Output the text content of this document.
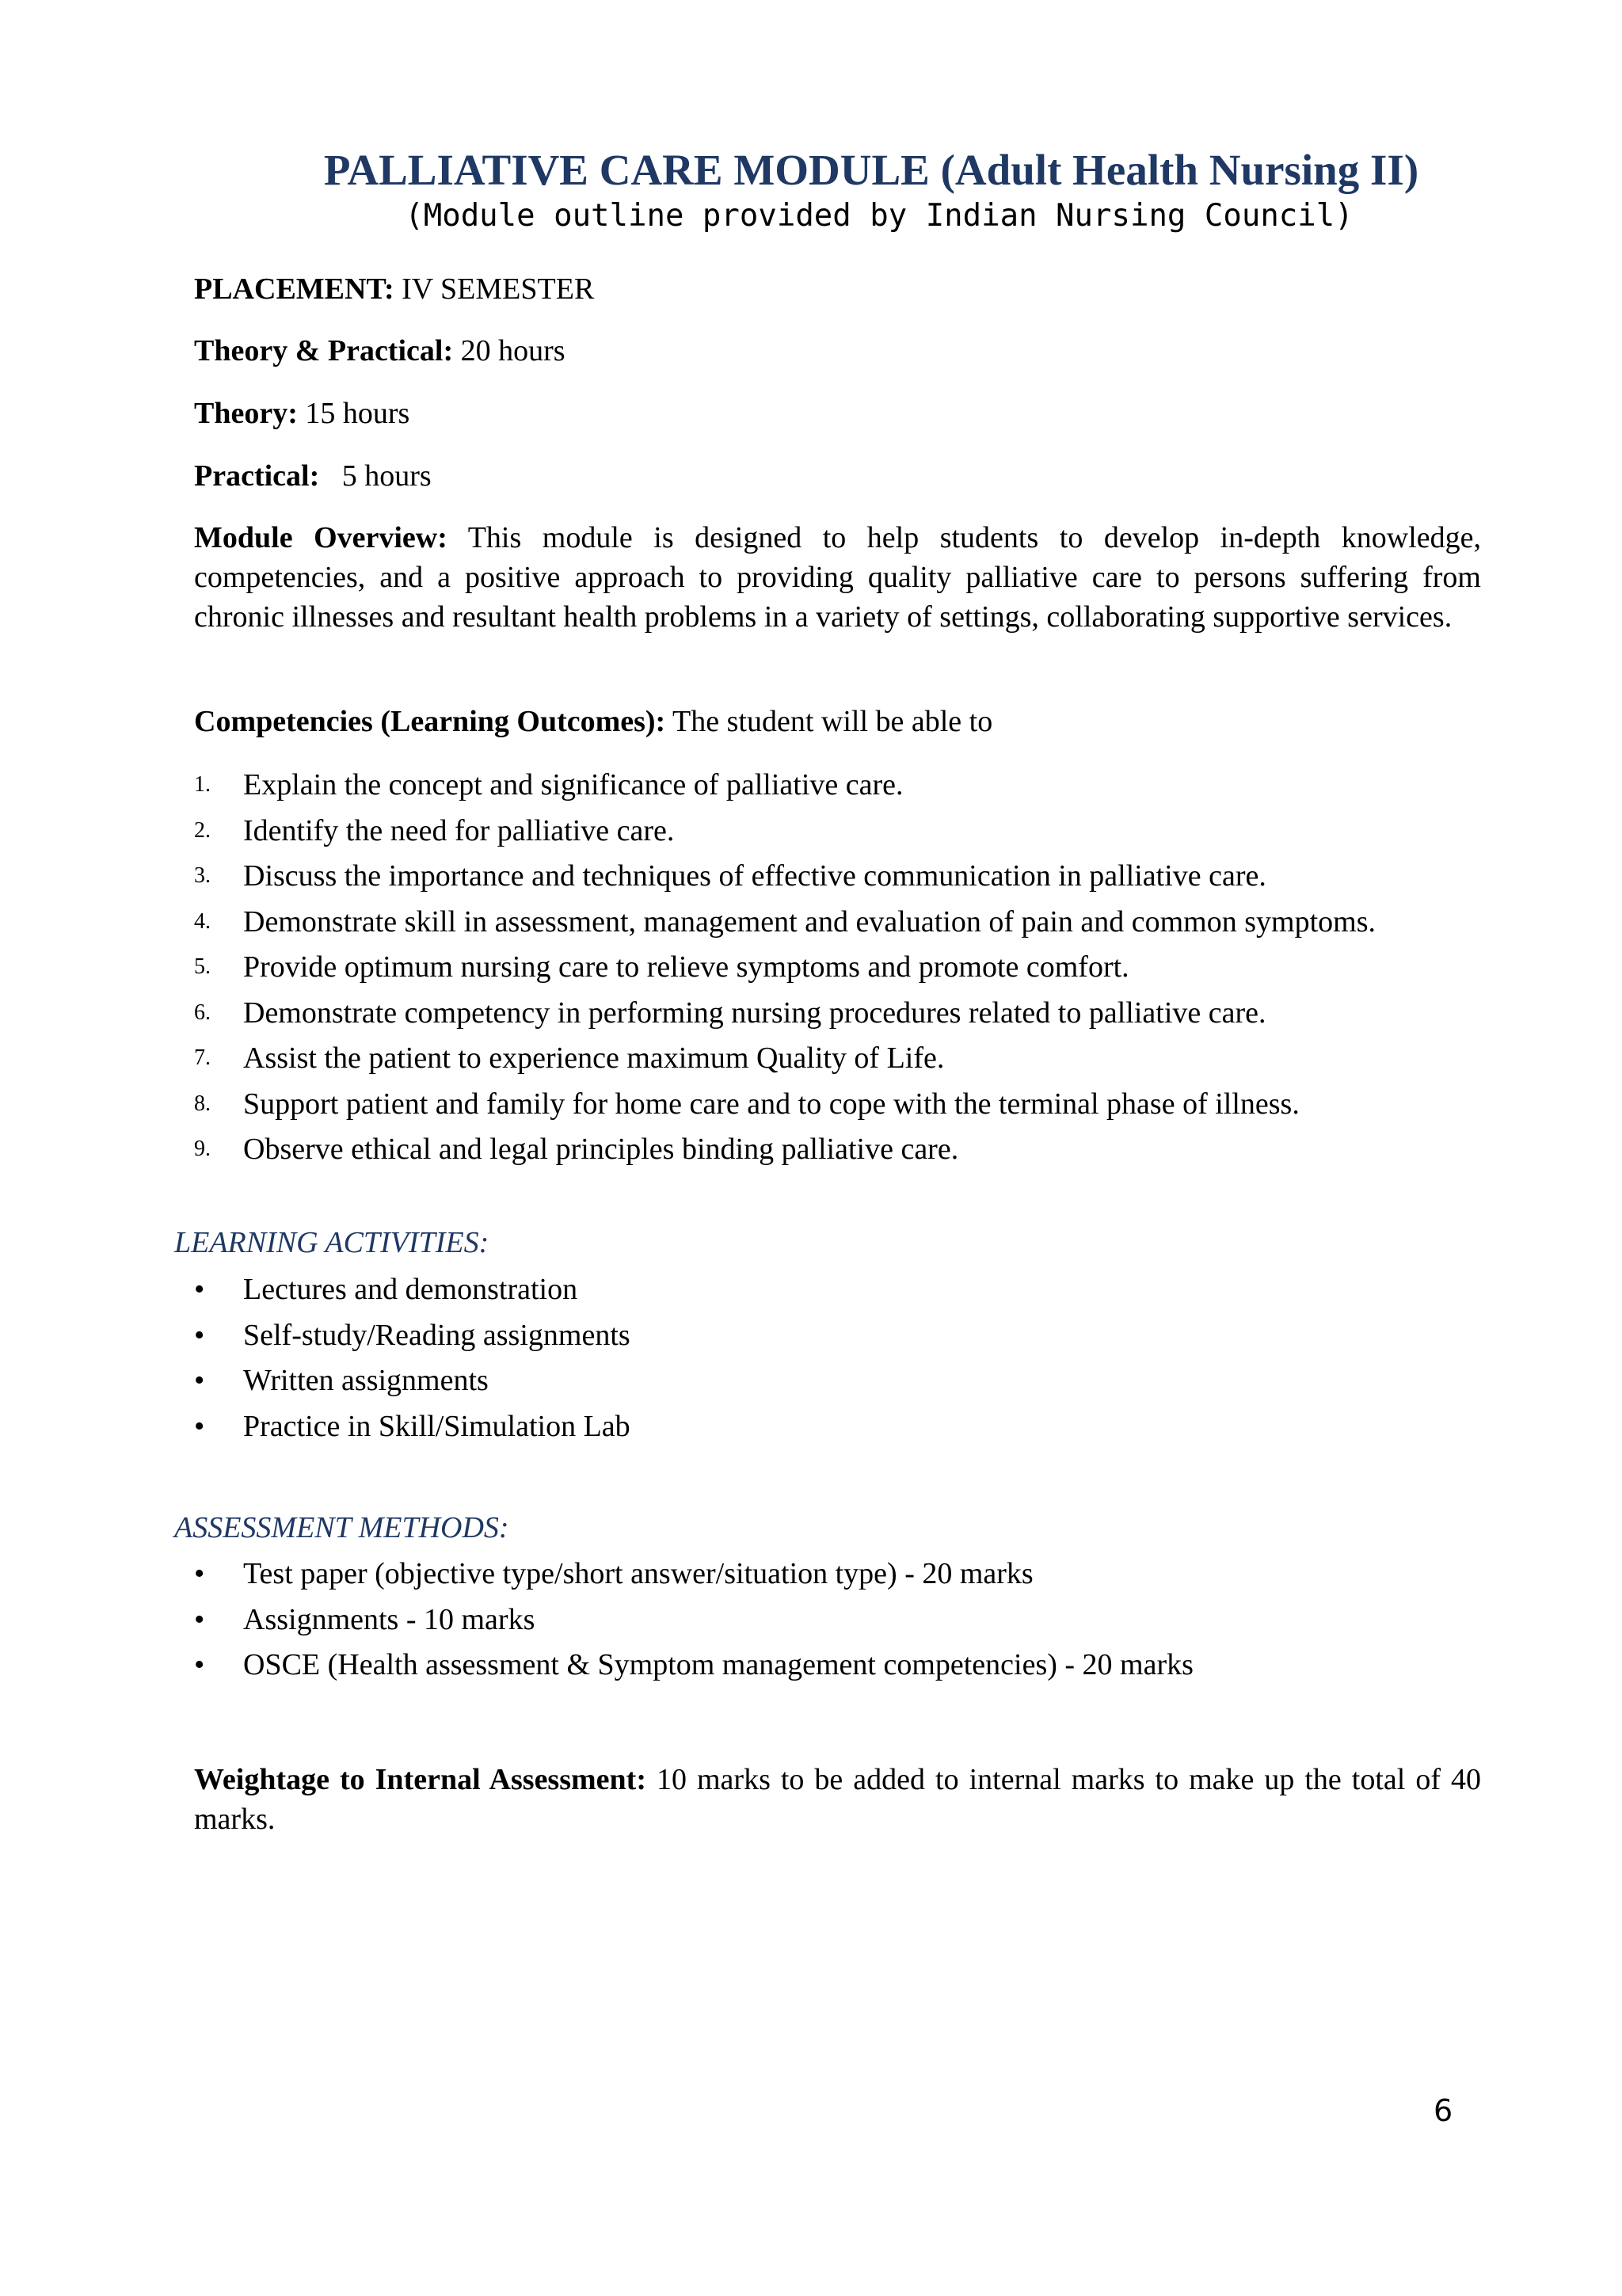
PALLIATIVE CARE MODULE (Adult Health Nursing II)
(Module outline provided by Indian Nursing Council)
PLACEMENT: IV SEMESTER
Theory & Practical: 20 hours
Theory: 15 hours
Practical:   5 hours
Module Overview: This module is designed to help students to develop in-depth knowledge, competencies, and a positive approach to providing quality palliative care to persons suffering from chronic illnesses and resultant health problems in a variety of settings, collaborating supportive services.
Competencies (Learning Outcomes): The student will be able to
1.	Explain the concept and significance of palliative care.
2.	Identify the need for palliative care.
3.	Discuss the importance and techniques of effective communication in palliative care.
4.	Demonstrate skill in assessment, management and evaluation of pain and common symptoms.
5.	Provide optimum nursing care to relieve symptoms and promote comfort.
6.	Demonstrate competency in performing nursing procedures related to palliative care.
7.	Assist the patient to experience maximum Quality of Life.
8.	Support patient and family for home care and to cope with the terminal phase of illness.
9.	Observe ethical and legal principles binding palliative care.
LEARNING ACTIVITIES:
•	Lectures and demonstration
•	Self-study/Reading assignments
•	Written assignments
•	Practice in Skill/Simulation Lab
ASSESSMENT METHODS:
•	Test paper (objective type/short answer/situation type) - 20 marks
•	Assignments - 10 marks
•	OSCE (Health assessment & Symptom management competencies) - 20 marks
Weightage to Internal Assessment: 10 marks to be added to internal marks to make up the total of 40 marks.
6
